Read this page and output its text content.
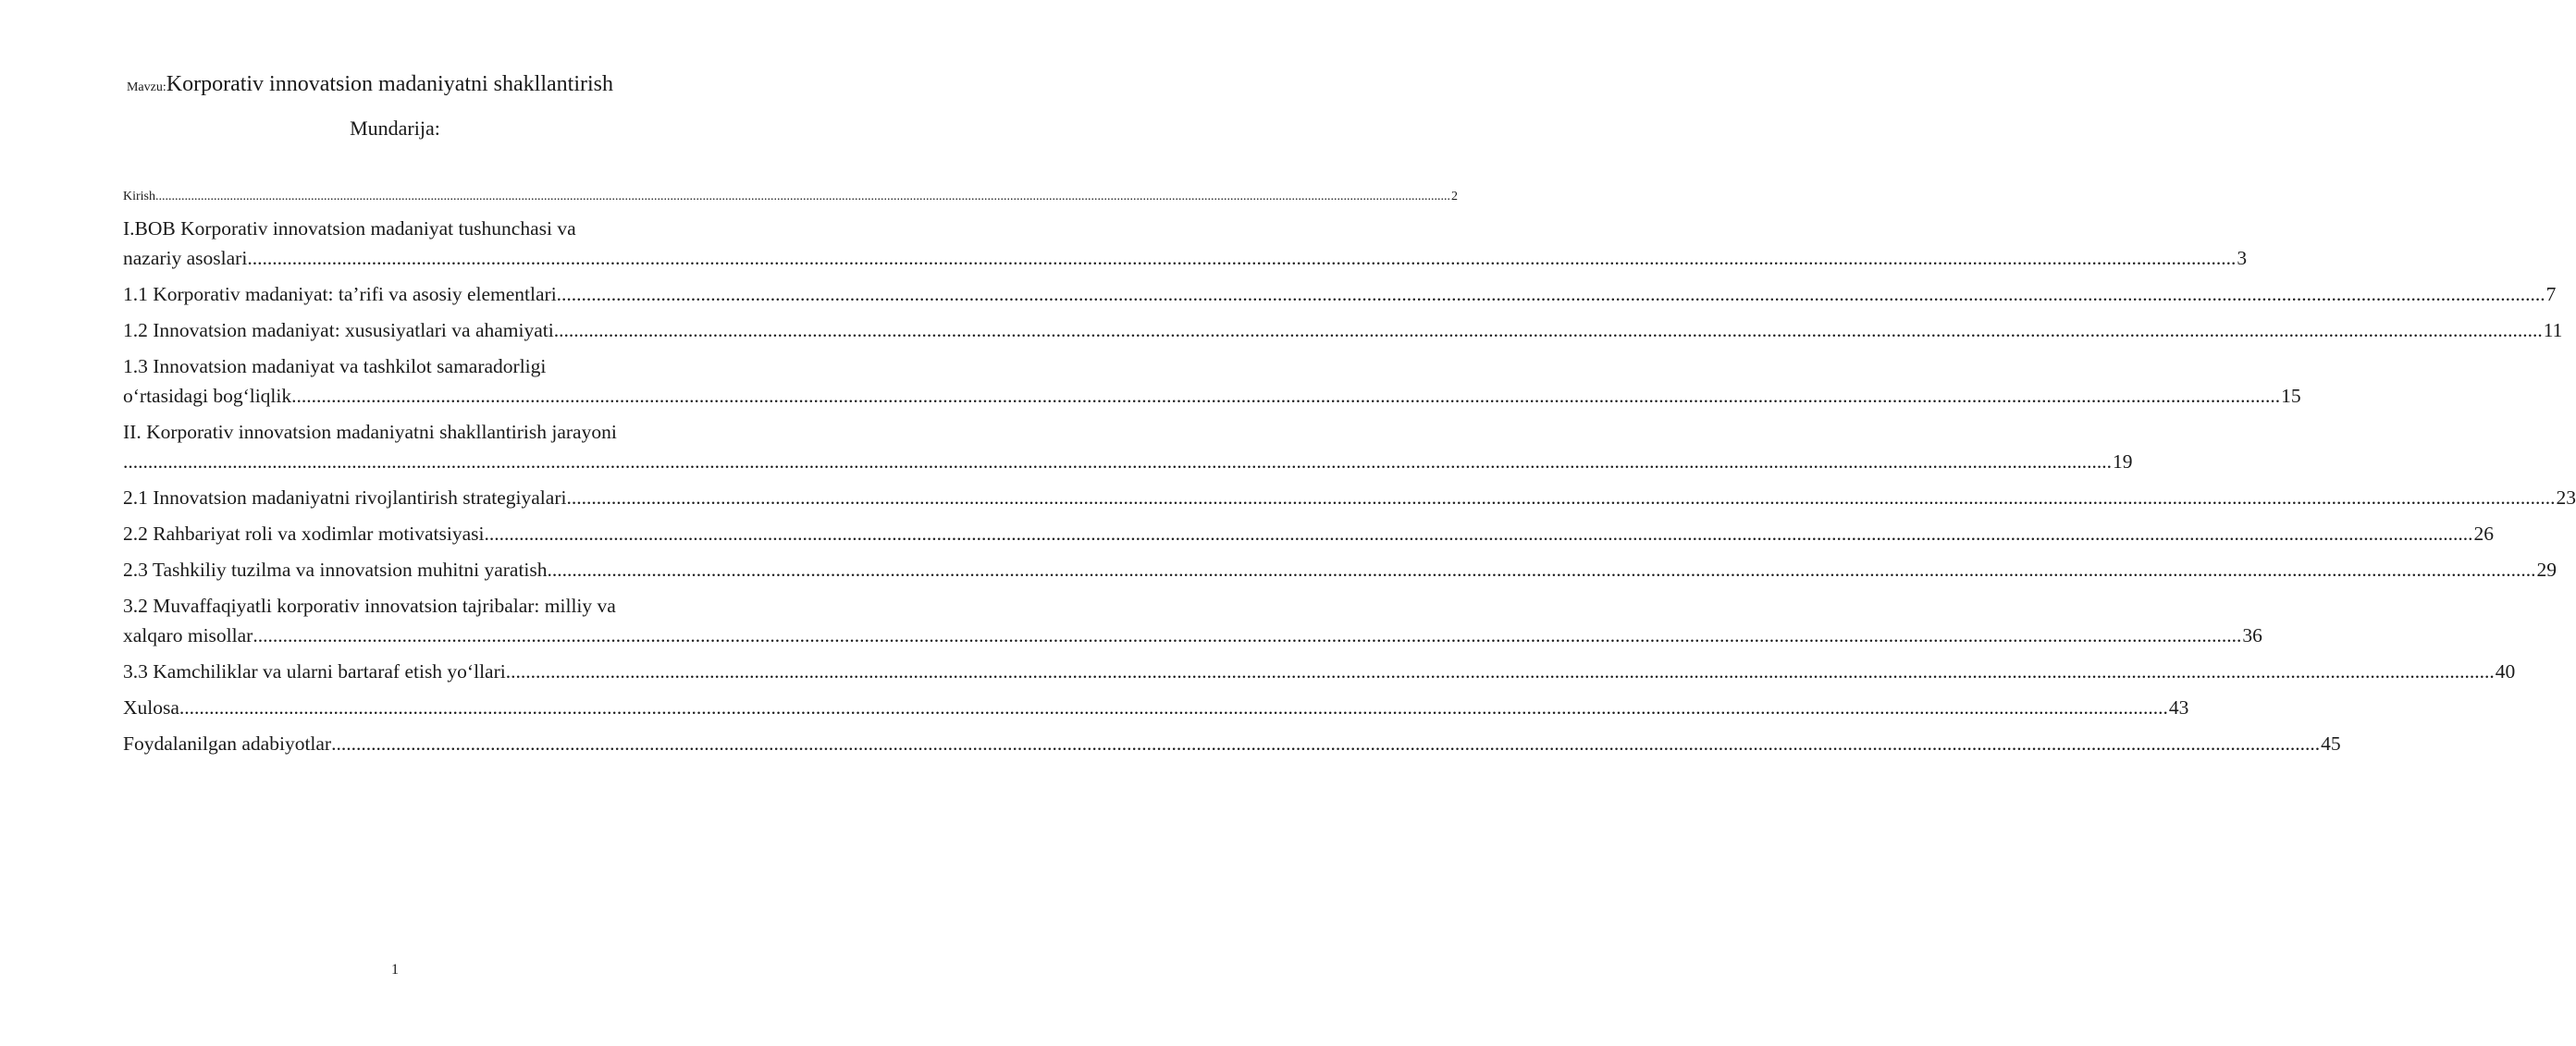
Mavzu:Korporativ innovatsion madaniyatni shakllantirish
Mundarija:
Kirish ................................................................................................................................................................................................................................................................................................................................................................................................................ 2
I.BOB Korporativ innovatsion madaniyat tushunchasi va
nazariy asoslari ................................................................................................................................................................................................................................................................................................................................................................................................................ 3
1.1 Korporativ madaniyat: ta’rifi va asosiy elementlari ................................................................................................................................................................................................................................................................................................................................................................................................................ 7
1.2 Innovatsion madaniyat: xususiyatlari va ahamiyati ................................................................................................................................................................................................................................................................................................................................................................................................................ 11
1.3 Innovatsion madaniyat va tashkilot samaradorligi
o‘rtasidagi bog‘liqlik ................................................................................................................................................................................................................................................................................................................................................................................................................ 15
II. Korporativ innovatsion madaniyatni shakllantirish jarayoni
................................................................................................................................................................................................................................................................................................................................................................................................................ 19
2.1 Innovatsion madaniyatni rivojlantirish strategiyalari ................................................................................................................................................................................................................................................................................................................................................................................................................ 23
2.2 Rahbariyat roli va xodimlar motivatsiyasi ................................................................................................................................................................................................................................................................................................................................................................................................................ 26
2.3 Tashkiliy tuzilma va innovatsion muhitni yaratish ................................................................................................................................................................................................................................................................................................................................................................................................................ 29
3.2 Muvaffaqiyatli korporativ innovatsion tajribalar: milliy va
xalqaro misollar ................................................................................................................................................................................................................................................................................................................................................................................................................ 36
3.3 Kamchiliklar va ularni bartaraf etish yo‘llari ................................................................................................................................................................................................................................................................................................................................................................................................................ 40
Xulosa ................................................................................................................................................................................................................................................................................................................................................................................................................ 43
Foydalanilgan adabiyotlar ................................................................................................................................................................................................................................................................................................................................................................................................................ 45
1
